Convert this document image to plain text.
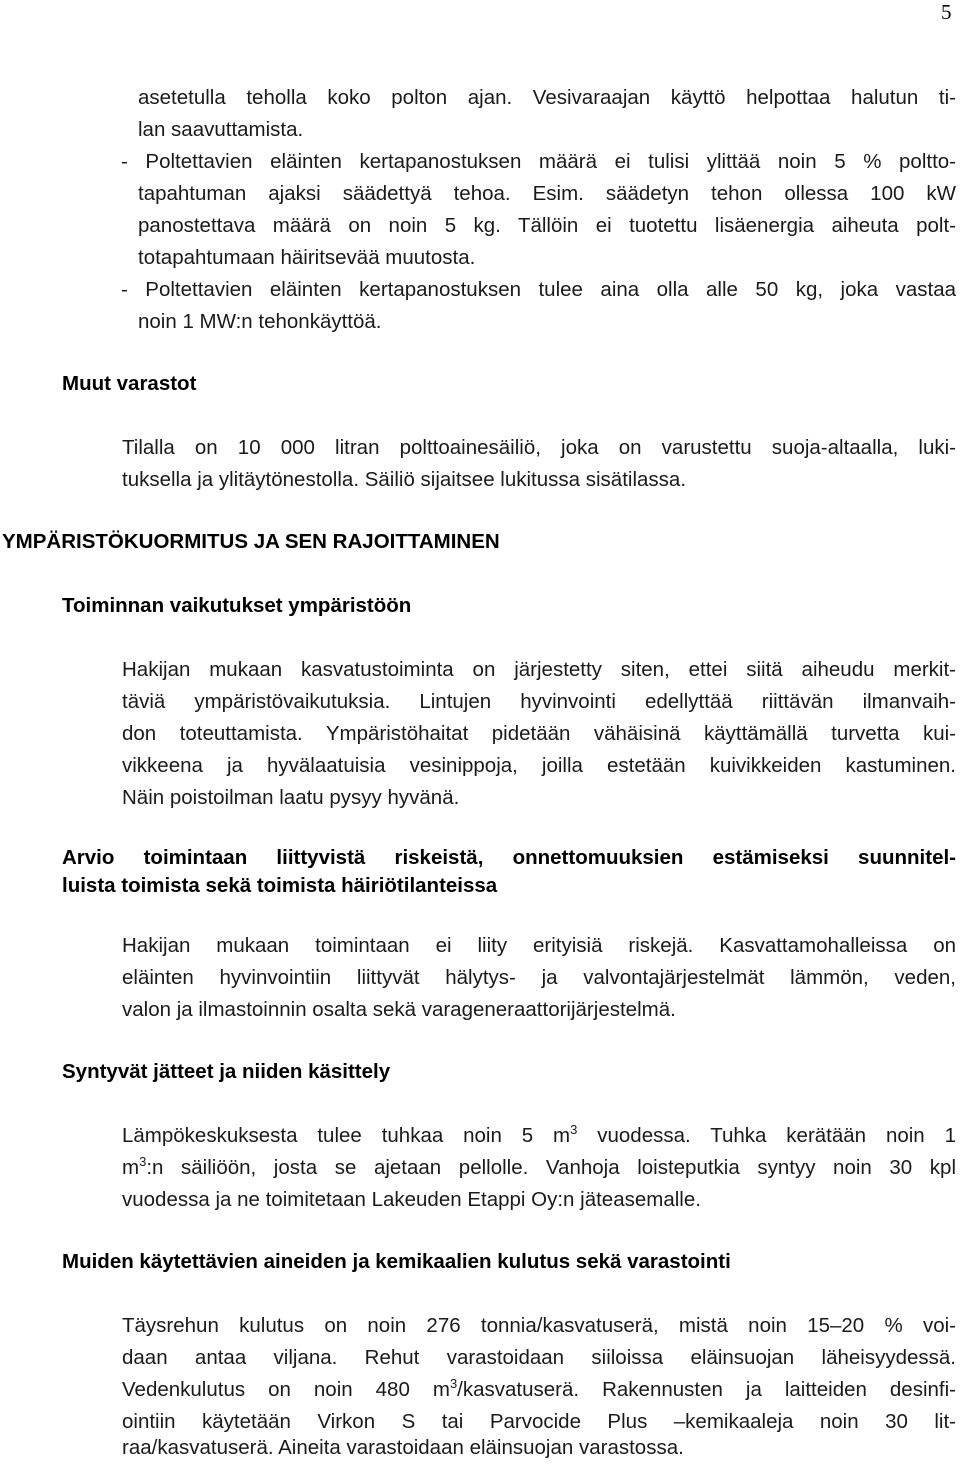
5
asetetulla teholla koko polton ajan. Vesivaraajan käyttö helpottaa halutun ti-
lan saavuttamista.
- Poltettavien eläinten kertapanostuksen määrä ei tulisi ylittää noin 5 % poltto-
tapahtuman ajaksi säädettyä tehoa. Esim. säädetyn tehon ollessa 100 kW
panostettava määrä on noin 5 kg. Tällöin ei tuotettu lisäenergia aiheuta polt-
totapahtumaan häiritsevää muutosta.
- Poltettavien eläinten kertapanostuksen tulee aina olla alle 50 kg, joka vastaa
noin 1 MW:n tehonkäyttöä.
Muut varastot
Tilalla on 10 000 litran polttoainesäiliö, joka on varustettu suoja-altaalla, luki-
tuksella ja ylitäytönestolla. Säiliö sijaitsee lukitussa sisätilassa.
YMPÄRISTÖKUORMITUS JA SEN RAJOITTAMINEN
Toiminnan vaikutukset ympäristöön
Hakijan mukaan kasvatustoiminta on järjestetty siten, ettei siitä aiheudu merkit-
täviä ympäristövaikutuksia. Lintujen hyvinvointi edellyttää riittävän ilmanvaih-
don toteuttamista. Ympäristöhaitat pidetään vähäisinä käyttämällä turvetta kui-
vikkeena ja hyvälaatuisia vesinippoja, joilla estetään kuivikkeiden kastuminen.
Näin poistoilman laatu pysyy hyvänä.
Arvio toimintaan liittyvistä riskeistä, onnettomuuksien estämiseksi suunnitel-
luista toimista sekä toimista häiriötilanteissa
Hakijan mukaan toimintaan ei liity erityisiä riskejä. Kasvattamohalleissa on
eläinten hyvinvointiin liittyvät hälytys- ja valvontajärjestelmät lämmön, veden,
valon ja ilmastoinnin osalta sekä varageneraattorijärjestelmä.
Syntyvät jätteet ja niiden käsittely
Lämpökeskuksesta tulee tuhkaa noin 5 $m^3$ vuodessa. Tuhka kerätään noin 1
$m^3:n$ säiliöön, josta se ajetaan pellolle. Vanhoja loisteputkia syntyy noin 30 kpl
vuodessa ja ne toimitetaan Lakeuden Etappi Oy:n jäteasemalle.
Muiden käytettävien aineiden ja kemikaalien kulutus sekä varastointi
Täysrehun kulutus on noin 276 tonnia/kasvatuserä, mistä noin 15–20 % voi-
daan antaa viljana. Rehut varastoidaan siiloissa eläinsuojan läheisyydessä.
Vedenkulutus on noin 480 $m^3$/kasvatuserä. Rakennusten ja laitteiden desinfi-
ointiin käytetään Virkon S tai Parvocide Plus –kemikaaleja noin 30 lit-
raa/kasvatuserä. Aineita varastoidaan eläinsuojan varastossa.
